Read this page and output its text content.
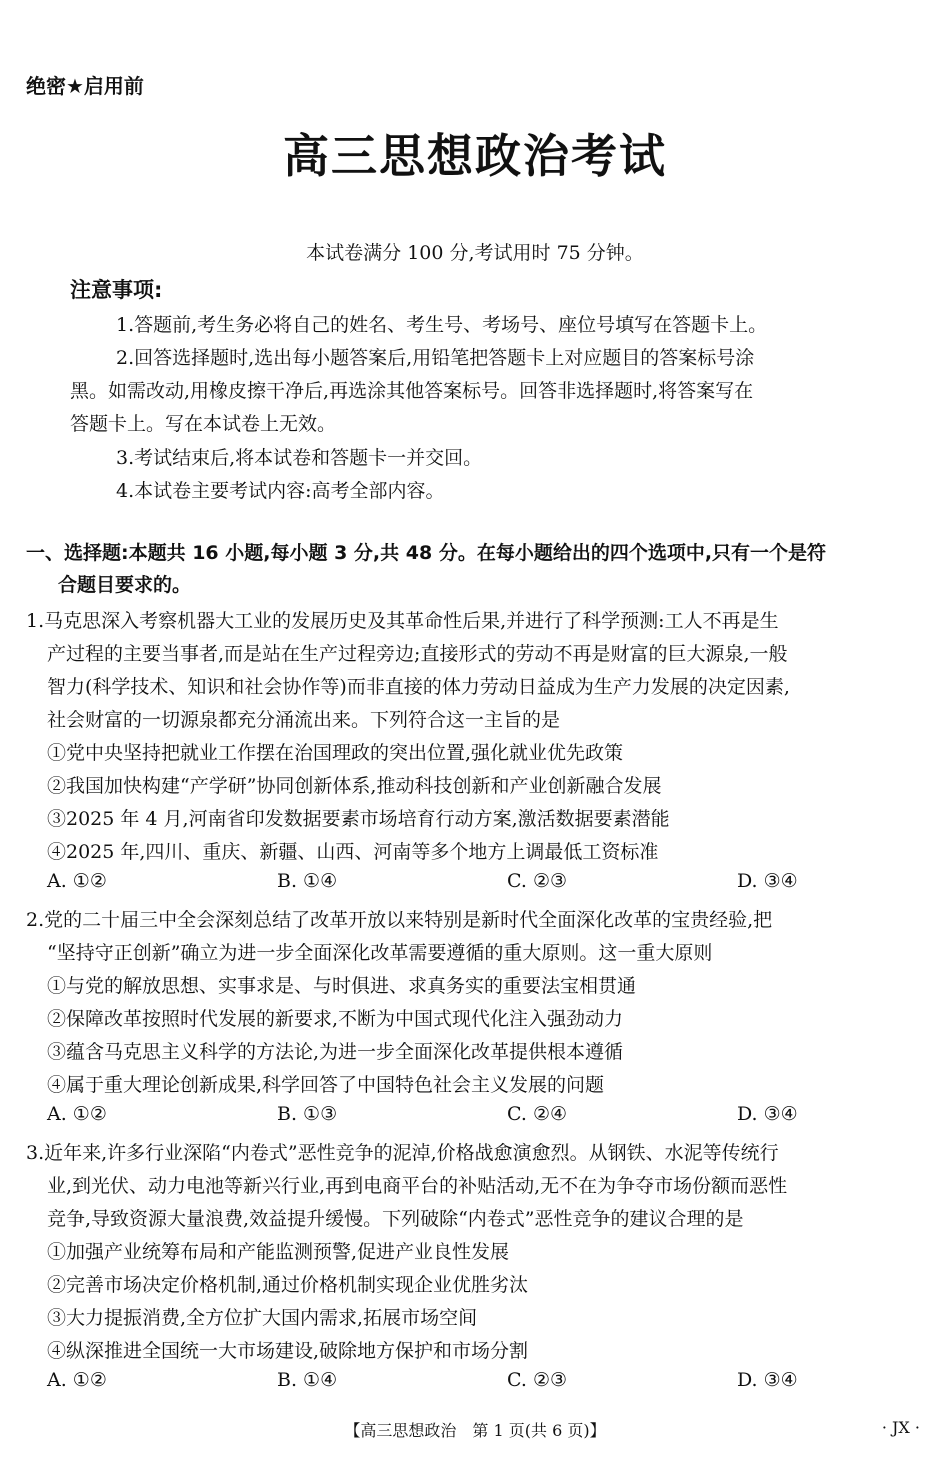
绝密★启用前
高三思想政治考试
本试卷满分 100 分,考试用时 75 分钟。
注意事项:
1.答题前,考生务必将自己的姓名、考生号、考场号、座位号填写在答题卡上。
2.回答选择题时,选出每小题答案后,用铅笔把答题卡上对应题目的答案标号涂
黑。如需改动,用橡皮擦干净后,再选涂其他答案标号。回答非选择题时,将答案写在
答题卡上。写在本试卷上无效。
3.考试结束后,将本试卷和答题卡一并交回。
4.本试卷主要考试内容:高考全部内容。
一、选择题:本题共 16 小题,每小题 3 分,共 48 分。在每小题给出的四个选项中,只有一个是符
合题目要求的。
1.马克思深入考察机器大工业的发展历史及其革命性后果,并进行了科学预测:工人不再是生
产过程的主要当事者,而是站在生产过程旁边;直接形式的劳动不再是财富的巨大源泉,一般
智力(科学技术、知识和社会协作等)而非直接的体力劳动日益成为生产力发展的决定因素,
社会财富的一切源泉都充分涌流出来。下列符合这一主旨的是
①党中央坚持把就业工作摆在治国理政的突出位置,强化就业优先政策
②我国加快构建“产学研”协同创新体系,推动科技创新和产业创新融合发展
③2025 年 4 月,河南省印发数据要素市场培育行动方案,激活数据要素潜能
④2025 年,四川、重庆、新疆、山西、河南等多个地方上调最低工资标准
A. ①②	B. ①④	C. ②③	D. ③④
2.党的二十届三中全会深刻总结了改革开放以来特别是新时代全面深化改革的宝贵经验,把
“坚持守正创新”确立为进一步全面深化改革需要遵循的重大原则。这一重大原则
①与党的解放思想、实事求是、与时俱进、求真务实的重要法宝相贯通
②保障改革按照时代发展的新要求,不断为中国式现代化注入强劲动力
③蕴含马克思主义科学的方法论,为进一步全面深化改革提供根本遵循
④属于重大理论创新成果,科学回答了中国特色社会主义发展的问题
A. ①②	B. ①③	C. ②④	D. ③④
3.近年来,许多行业深陷“内卷式”恶性竞争的泥淖,价格战愈演愈烈。从钢铁、水泥等传统行
业,到光伏、动力电池等新兴行业,再到电商平台的补贴活动,无不在为争夺市场份额而恶性
竞争,导致资源大量浪费,效益提升缓慢。下列破除“内卷式”恶性竞争的建议合理的是
①加强产业统筹布局和产能监测预警,促进产业良性发展
②完善市场决定价格机制,通过价格机制实现企业优胜劣汰
③大力提振消费,全方位扩大国内需求,拓展市场空间
④纵深推进全国统一大市场建设,破除地方保护和市场分割
A. ①②	B. ①④	C. ②③	D. ③④
【高三思想政治　第 1 页(共 6 页)】	· JX ·
